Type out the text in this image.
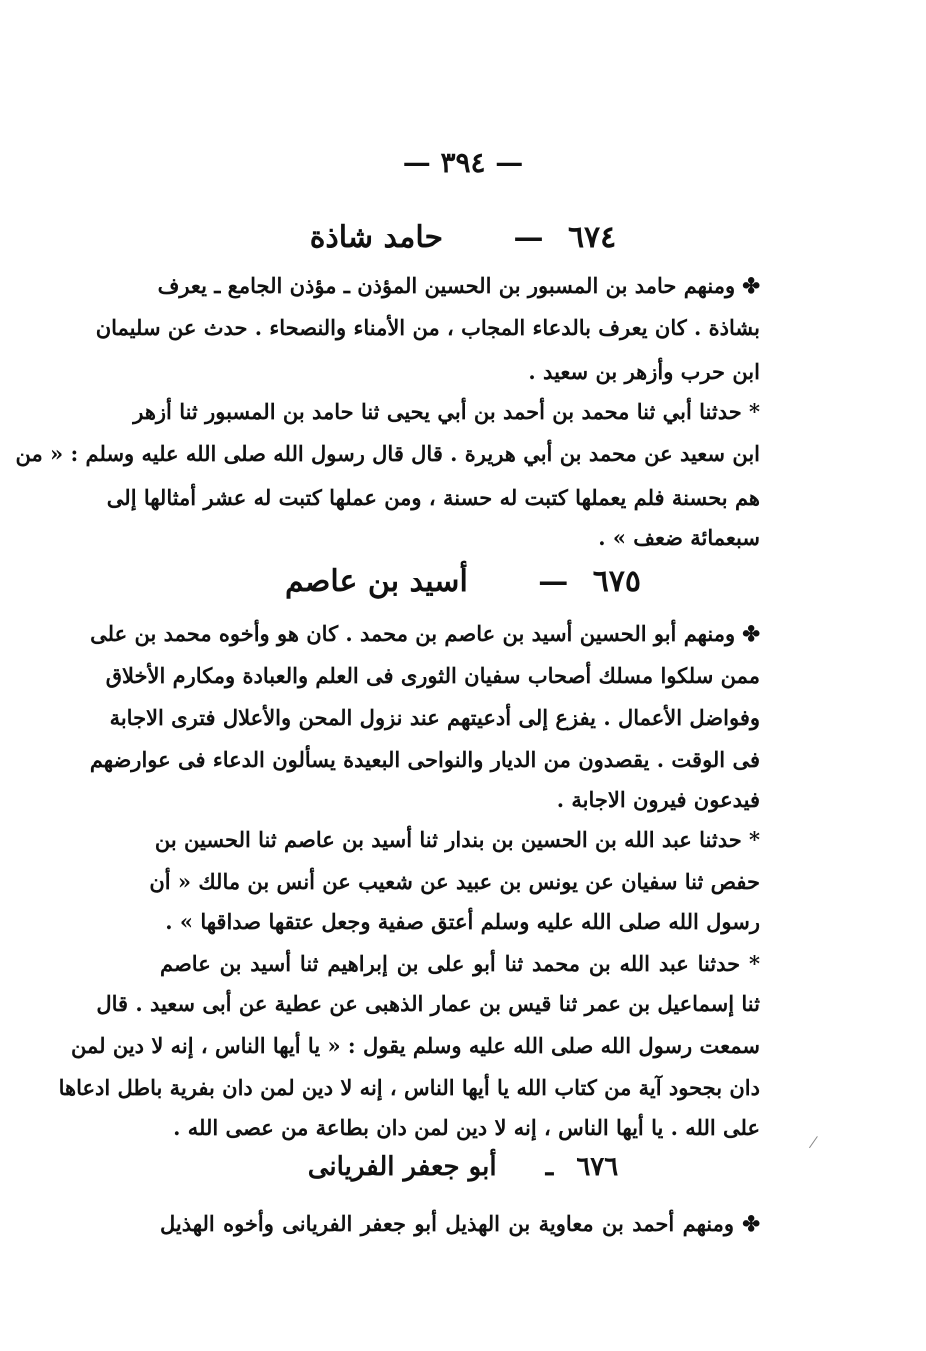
— ٣٩٤ —
٦٧٤ — حامد شاذة
✤ ومنهم حامد بن المسبور بن الحسين المؤذن ـ مؤذن الجامع ـ يعرف
بشاذة . كان يعرف بالدعاء المجاب ، من الأمناء والنصحاء . حدث عن سليمان
ابن حرب وأزهر بن سعيد .
* حدثنا أبي ثنا محمد بن أحمد بن أبي يحيى ثنا حامد بن المسبور ثنا أزهر
ابن سعيد عن محمد بن أبي هريرة . قال قال رسول الله صلى الله عليه وسلم : « من
هم بحسنة فلم يعملها كتبت له حسنة ، ومن عملها كتبت له عشر أمثالها إلى
سبعمائة ضعف » .
٦٧٥ — أسيد بن عاصم
✤ ومنهم أبو الحسين أسيد بن عاصم بن محمد . كان هو وأخوه محمد بن على
ممن سلكوا مسلك أصحاب سفيان الثورى فى العلم والعبادة ومكارم الأخلاق
وفواضل الأعمال . يفزع إلى أدعيتهم عند نزول المحن والأعلال فترى الاجابة
فى الوقت . يقصدون من الديار والنواحى البعيدة يسألون الدعاء فى عوارضهم
فيدعون فيرون الاجابة .
* حدثنا عبد الله بن الحسين بن بندار ثنا أسيد بن عاصم ثنا الحسين بن
حفص ثنا سفيان عن يونس بن عبيد عن شعيب عن أنس بن مالك « أن
رسول الله صلى الله عليه وسلم أعتق صفية وجعل عتقها صداقها » .
* حدثنا عبد الله بن محمد ثنا أبو على بن إبراهيم ثنا أسيد بن عاصم
ثنا إسماعيل بن عمر ثنا قيس بن عمار الذهبى عن عطية عن أبى سعيد . قال
سمعت رسول الله صلى الله عليه وسلم يقول : « يا أيها الناس ، إنه لا دين لمن
دان بجحود آية من كتاب الله يا أيها الناس ، إنه لا دين لمن دان بفرية باطل ادعاها
على الله . يا أيها الناس ، إنه لا دين لمن دان بطاعة من عصى الله .
٦٧٦ ـ أبو جعفر الفريانى
✤ ومنهم أحمد بن معاوية بن الهذيل أبو جعفر الفريانى وأخوه الهذيل
